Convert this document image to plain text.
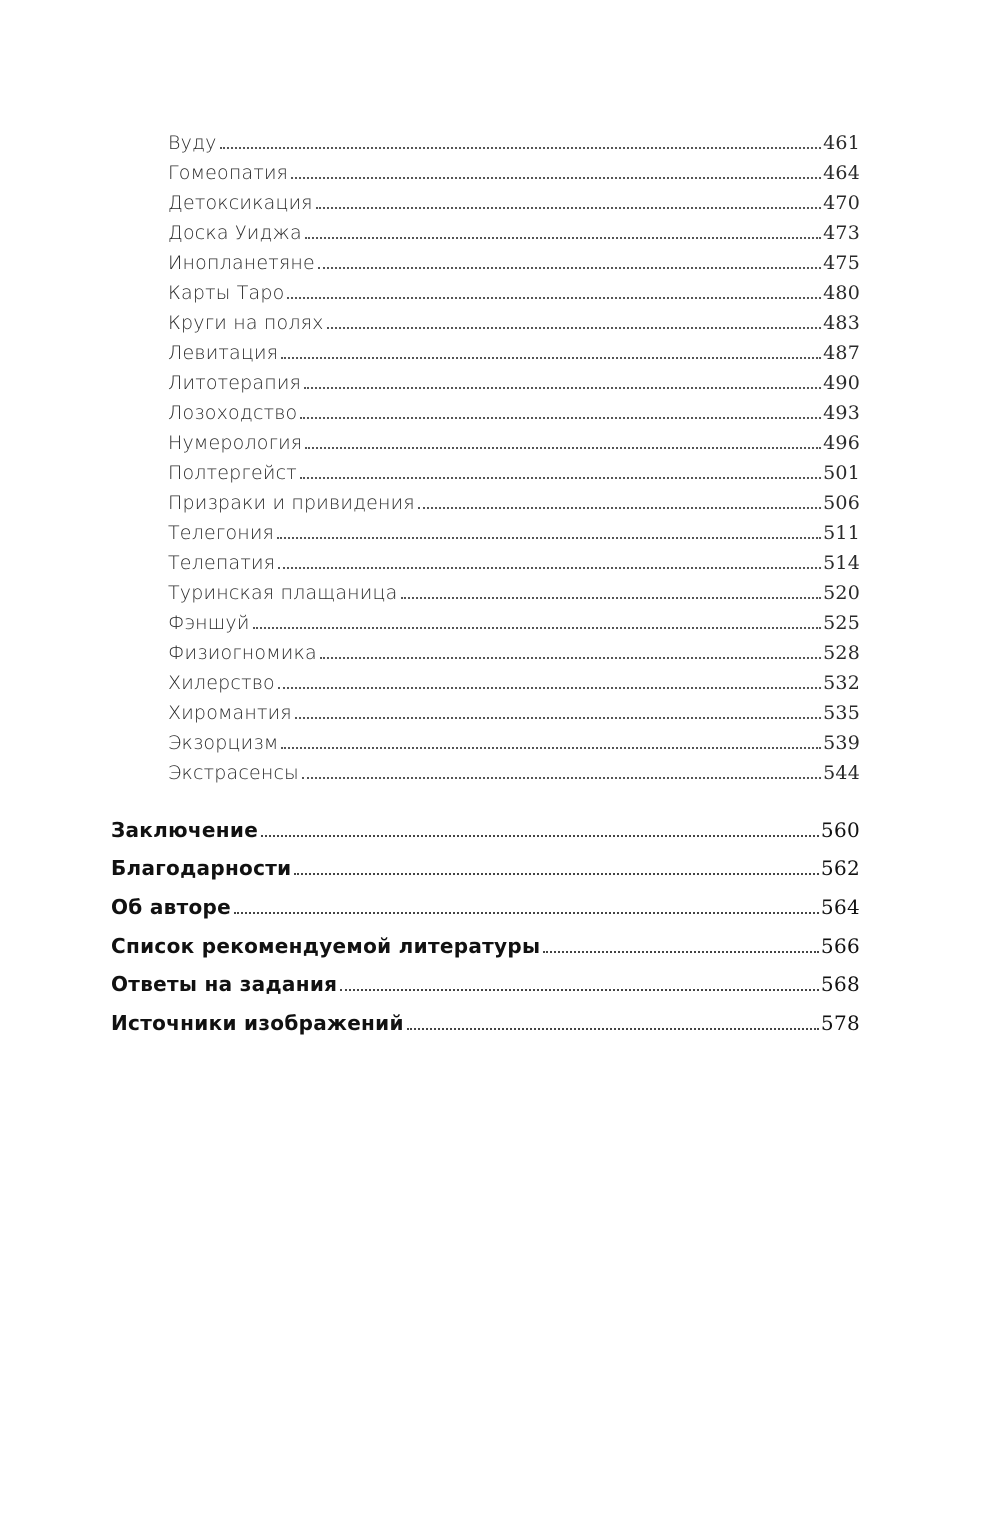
Вуду	461
Гомеопатия	464
Детоксикация	470
Доска Уиджа	473
Инопланетяне	475
Карты Таро	480
Круги на полях	483
Левитация	487
Литотерапия	490
Лозоходство	493
Нумерология	496
Полтергейст	501
Призраки и привидения	506
Телегония	511
Телепатия	514
Туринская плащаница	520
Фэншуй	525
Физиогномика	528
Хилерство	532
Хиромантия	535
Экзорцизм	539
Экстрасенсы	544
Заключение	560
Благодарности	562
Об авторе	564
Список рекомендуемой литературы	566
Ответы на задания	568
Источники изображений	578
